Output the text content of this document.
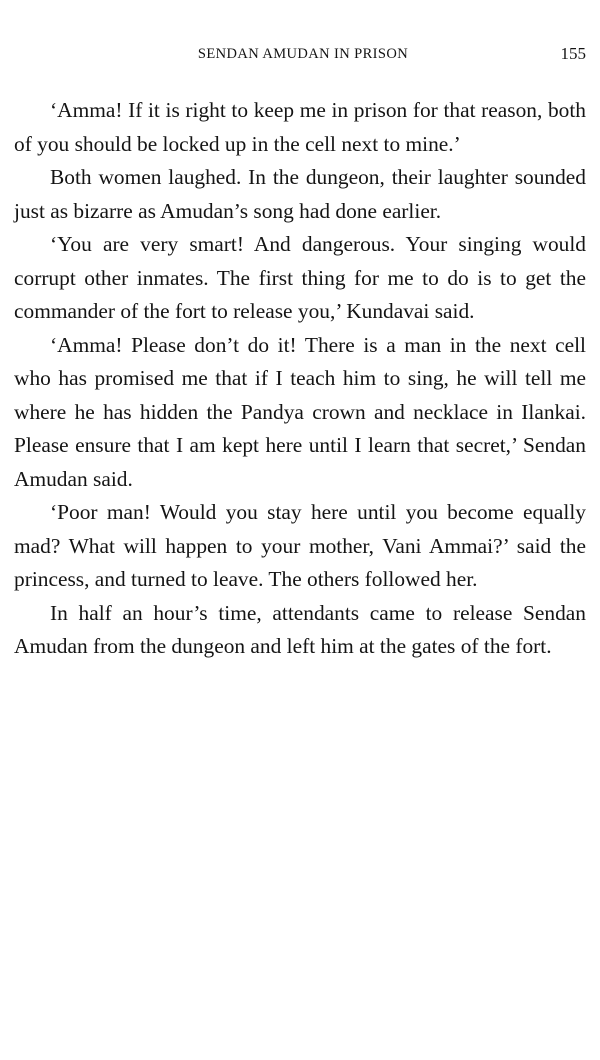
SENDAN AMUDAN IN PRISON	155

‘Amma! If it is right to keep me in prison for that reason, both of you should be locked up in the cell next to mine.’

Both women laughed. In the dungeon, their laughter sounded just as bizarre as Amudan’s song had done earlier.

‘You are very smart! And dangerous. Your singing would corrupt other inmates. The first thing for me to do is to get the commander of the fort to release you,’ Kundavai said.

‘Amma! Please don’t do it! There is a man in the next cell who has promised me that if I teach him to sing, he will tell me where he has hidden the Pandya crown and necklace in Ilankai. Please ensure that I am kept here until I learn that secret,’ Sendan Amudan said.

‘Poor man! Would you stay here until you become equally mad? What will happen to your mother, Vani Ammai?’ said the princess, and turned to leave. The others followed her.

In half an hour’s time, attendants came to release Sendan Amudan from the dungeon and left him at the gates of the fort.
